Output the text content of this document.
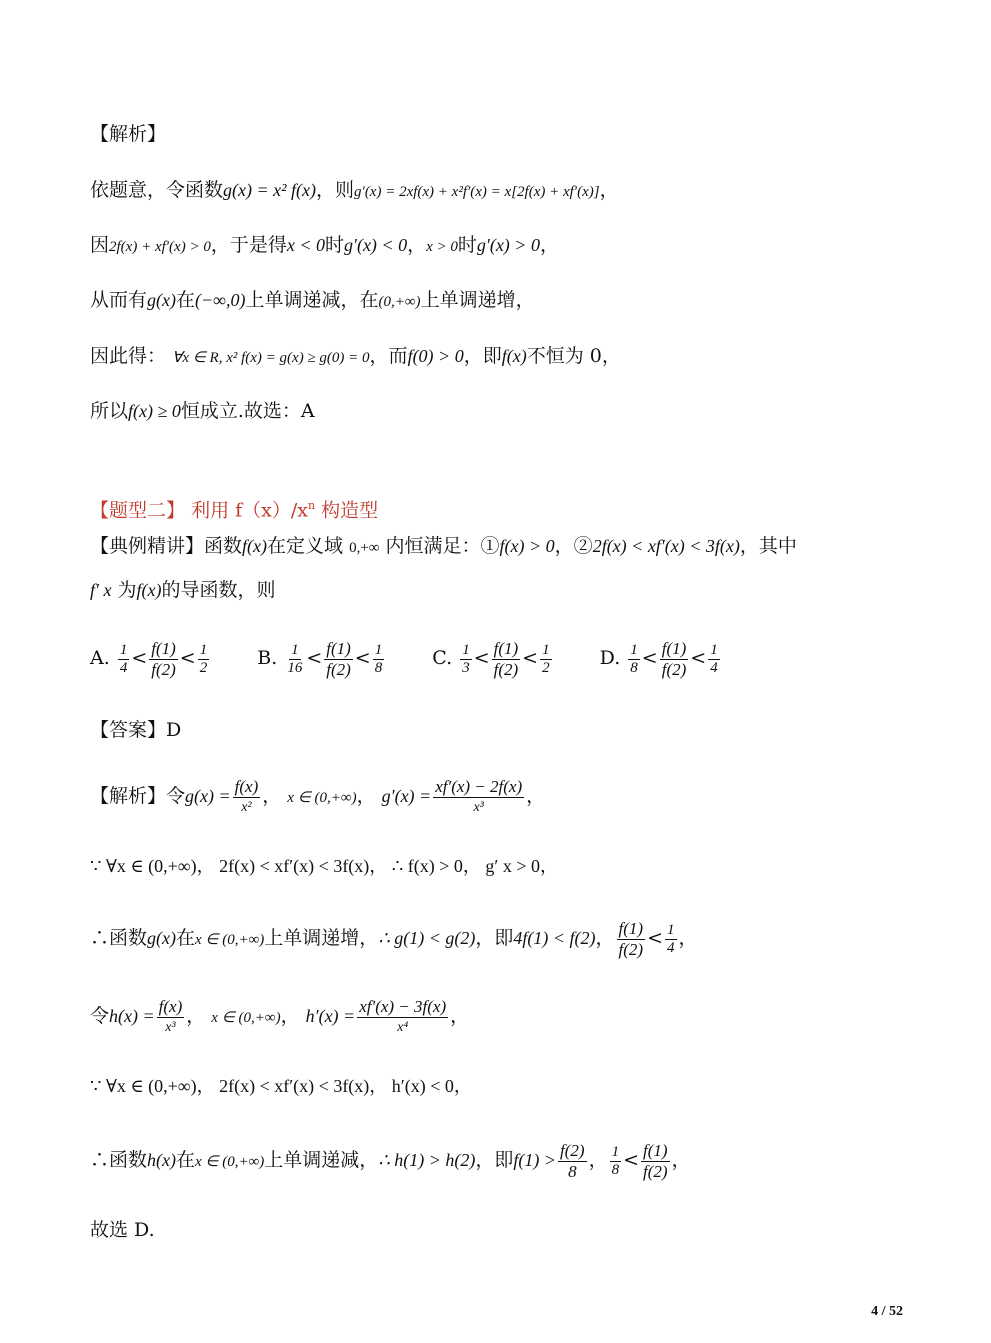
【解析】
依题意，令函数g(x) = x² f(x)，则g′(x) = 2xf(x) + x²f′(x) = x[2f(x) + xf′(x)]，
因2f(x) + xf′(x) > 0，于是得x < 0时g′(x) < 0，x > 0时g′(x) > 0，
从而有g(x)在(−∞,0)上单调递减，在(0,+∞)上单调递增，
因此得： ∀x ∈ R, x² f(x) = g(x) ≥ g(0) = 0，而f(0) > 0，即f(x)不恒为 0，
所以f(x) ≥ 0恒成立.故选：A
【题型二】 利用 $f(x)/x^n$ 构造型
【典例精讲】函数f(x)在定义域 0,+∞ 内恒满足：①f(x) > 0，②2f(x) < xf′(x) < 3f(x)，其中
f′ x 为f(x)的导函数，则
A. $\frac{1}{4} < \frac{f(1)}{f(2)} < \frac{1}{2}$	B. $\frac{1}{16} < \frac{f(1)}{f(2)} < \frac{1}{8}$	C. $\frac{1}{3} < \frac{f(1)}{f(2)} < \frac{1}{2}$	D. $\frac{1}{8} < \frac{f(1)}{f(2)} < \frac{1}{4}$
【答案】D
【解析】令$g(x) = \frac{f(x)}{\text{x²}}$ ， x ∈ (0,+∞)， $g'(x) = \frac{xf'(x) - 2f(x)}{\text{x³}}$ ，
∵ ∀x ∈ (0,+∞)， 2f(x) < xf′(x) < 3f(x)， ∴ f(x) > 0， g′ x > 0，
∴函数g(x)在x ∈ (0,+∞)上单调递增，∴ g(1) < g(2)，即4f(1) < f(2)， $\frac{f(1)}{f(2)} < \frac{1}{4}$ ，
令$h(x) = \frac{f(x)}{\text{x³}}$ ， x ∈ (0,+∞)， $h'(x) = \frac{xf'(x) - 3f(x)}{\text{x⁴}}$ ，
∵ ∀x ∈ (0,+∞)， 2f(x) < xf′(x) < 3f(x)， h′(x) < 0，
∴函数h(x)在x ∈ (0,+∞)上单调递减，∴ h(1) > h(2)，即$f(1) > \frac{f(2)}{8}$ ， $\frac{1}{8} < \frac{f(1)}{f(2)}$ ，
故选 D.
4 / 52
